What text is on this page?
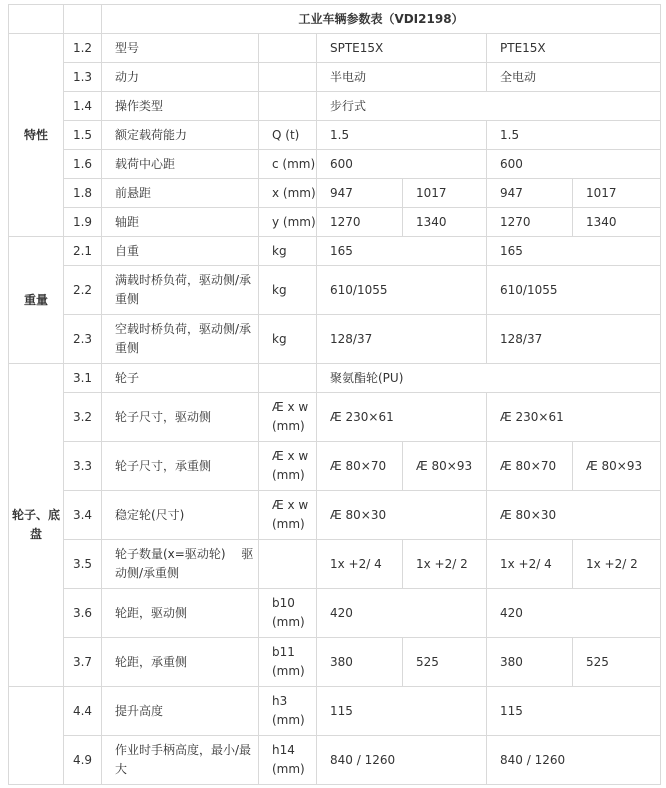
		工业车辆参数表（VDI2198）					
特性	1.2	型号		SPTE15X		PTE15X	
	1.3	动力		半电动		全电动	
	1.4	操作类型		步行式			
	1.5	额定载荷能力	Q (t)	1.5		1.5	
	1.6	载荷中心距	c (mm)	600		600	
	1.8	前悬距	x (mm)	947	1017	947	1017
	1.9	轴距	y (mm)	1270	1340	1270	1340
重量	2.1	自重	kg	165		165	
	2.2	满载时桥负荷，驱动侧/承重侧	kg	610/1055		610/1055	
	2.3	空载时桥负荷，驱动侧/承重侧	kg	128/37		128/37	
轮子、底盘	3.1	轮子		聚氨酯轮(PU)			
	3.2	轮子尺寸，驱动侧	Æ x w (mm)	Æ 230×61		Æ 230×61	
	3.3	轮子尺寸，承重侧	Æ x w (mm)	Æ 80×70	Æ 80×93	Æ 80×70	Æ 80×93
	3.4	稳定轮(尺寸)	Æ x w (mm)	Æ 80×30		Æ 80×30	
	3.5	轮子数量(x=驱动轮)　 驱动侧/承重侧		1x +2/ 4	1x +2/ 2	1x +2/ 4	1x +2/ 2
	3.6	轮距，驱动侧	b10 (mm)	420		420	
	3.7	轮距，承重侧	b11 (mm)	380	525	380	525
	4.4	提升高度	h3 (mm)	115		115	
	4.9	作业时手柄高度，最小/最大	h14 (mm)	840 / 1260		840 / 1260	
